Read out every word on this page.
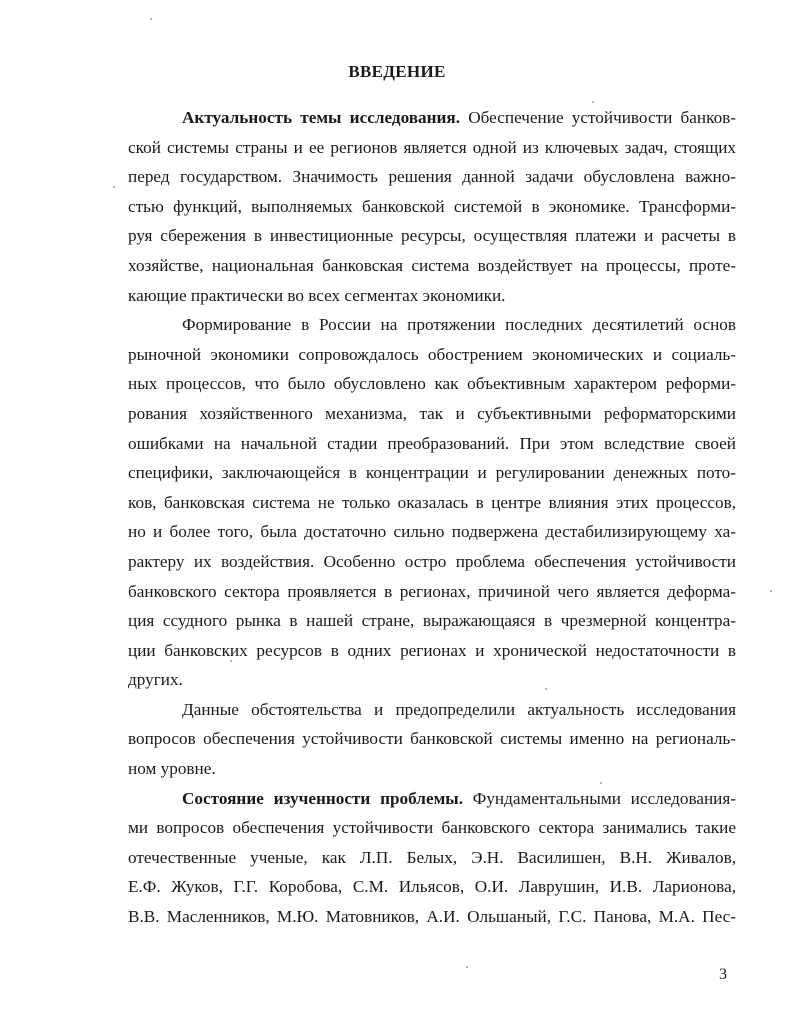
ВВЕДЕНИЕ
Актуальность темы исследования. Обеспечение устойчивости банков-
ской системы страны и ее регионов является одной из ключевых задач, стоящих
перед государством. Значимость решения данной задачи обусловлена важно-
стью функций, выполняемых банковской системой в экономике. Трансформи-
руя сбережения в инвестиционные ресурсы, осуществляя платежи и расчеты в
хозяйстве, национальная банковская система воздействует на процессы, проте-
кающие практически во всех сегментах экономики.
Формирование в России на протяжении последних десятилетий основ
рыночной экономики сопровождалось обострением экономических и социаль-
ных процессов, что было обусловлено как объективным характером реформи-
рования хозяйственного механизма, так и субъективными реформаторскими
ошибками на начальной стадии преобразований. При этом вследствие своей
специфики, заключающейся в концентрации и регулировании денежных пото-
ков, банковская система не только оказалась в центре влияния этих процессов,
но и более того, была достаточно сильно подвержена дестабилизирующему ха-
рактеру их воздействия. Особенно остро проблема обеспечения устойчивости
банковского сектора проявляется в регионах, причиной чего является деформа-
ция ссудного рынка в нашей стране, выражающаяся в чрезмерной концентра-
ции банковских ресурсов в одних регионах и хронической недостаточности в
других.
Данные обстоятельства и предопределили актуальность исследования
вопросов обеспечения устойчивости банковской системы именно на региональ-
ном уровне.
Состояние изученности проблемы. Фундаментальными исследования-
ми вопросов обеспечения устойчивости банковского сектора занимались такие
отечественные ученые, как Л.П. Белых, Э.Н. Василишен, В.Н. Живалов,
Е.Ф. Жуков, Г.Г. Коробова, С.М. Ильясов, О.И. Лаврушин, И.В. Ларионова,
В.В. Масленников, М.Ю. Матовников, А.И. Ольшаный, Г.С. Панова, М.А. Пес-
3
